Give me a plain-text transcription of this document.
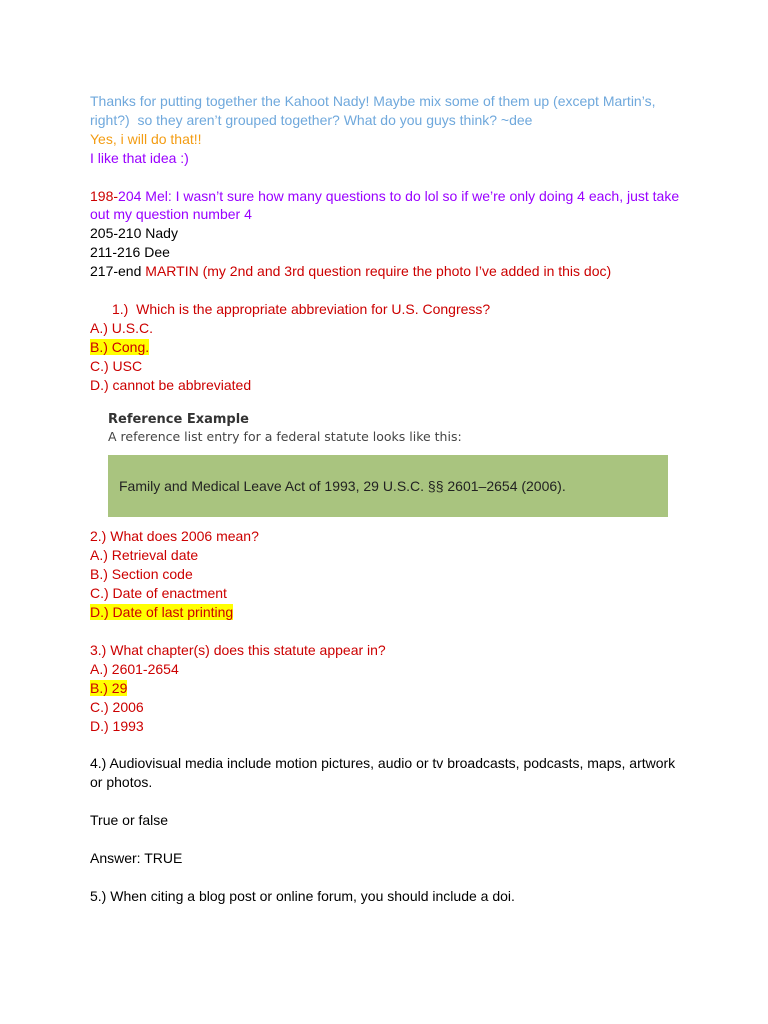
Thanks for putting together the Kahoot Nady! Maybe mix some of them up (except Martin’s,

right?)  so they aren’t grouped together? What do you guys think? ~dee

Yes, i will do that!!

I like that idea :)

198-204 Mel: I wasn’t sure how many questions to do lol so if we’re only doing 4 each, just take

out my question number 4

205-210 Nady

211-216 Dee

217-end MARTIN (my 2nd and 3rd question require the photo I’ve added in this doc)

1.)  Which is the appropriate abbreviation for U.S. Congress?

A.) U.S.C.

B.) Cong.

C.) USC

D.) cannot be abbreviated

Reference Example
A reference list entry for a federal statute looks like this:
Family and Medical Leave Act of 1993, 29 U.S.C. §§ 2601–2654 (2006).

2.) What does 2006 mean?

A.) Retrieval date

B.) Section code

C.) Date of enactment

D.) Date of last printing

3.) What chapter(s) does this statute appear in?

A.) 2601-2654

B.) 29

C.) 2006

D.) 1993

4.) Audiovisual media include motion pictures, audio or tv broadcasts, podcasts, maps, artwork

or photos.

True or false

Answer: TRUE

5.) When citing a blog post or online forum, you should include a doi.
